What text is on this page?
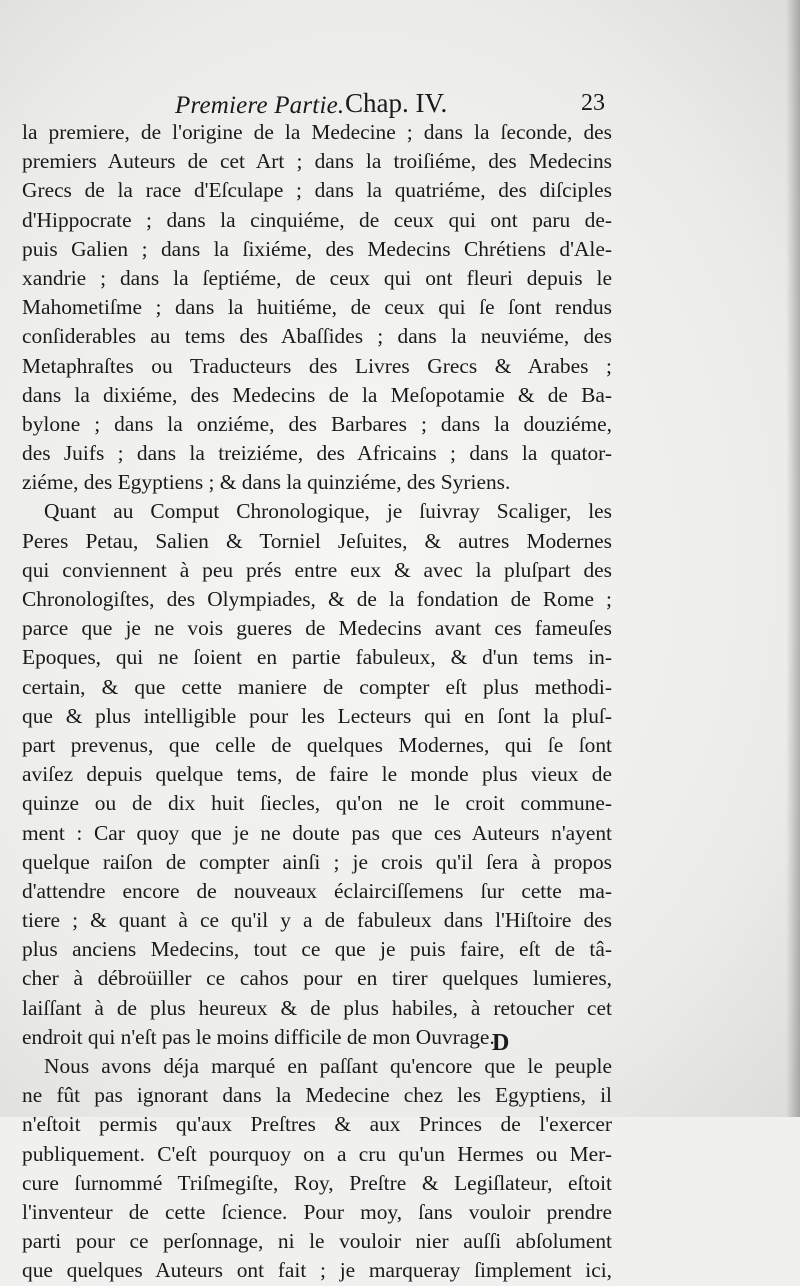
Premiere Partie. Chap. IV.	23
la premiere, de l'origine de la Medecine ; dans la ſeconde, des
premiers Auteurs de cet Art ; dans la troiſiéme, des Medecins
Grecs de la race d'Eſculape ; dans la quatriéme, des diſciples
d'Hippocrate ; dans la cinquiéme, de ceux qui ont paru de-
puis Galien ; dans la ſixiéme, des Medecins Chrétiens d'Ale-
xandrie ; dans la ſeptiéme, de ceux qui ont fleuri depuis le
Mahometiſme ; dans la huitiéme, de ceux qui ſe ſont rendus
conſiderables au tems des Abaſſides ; dans la neuviéme, des
Metaphraſtes ou Traducteurs des Livres Grecs & Arabes ;
dans la dixiéme, des Medecins de la Meſopotamie & de Ba-
bylone ; dans la onziéme, des Barbares ; dans la douziéme,
des Juifs ; dans la treiziéme, des Africains ; dans la quator-
ziéme, des Egyptiens ; & dans la quinziéme, des Syriens.
Quant au Comput Chronologique, je ſuivray Scaliger, les
Peres Petau, Salien & Torniel Jeſuites, & autres Modernes
qui conviennent à peu prés entre eux & avec la pluſpart des
Chronologiſtes, des Olympiades, & de la fondation de Rome ;
parce que je ne vois gueres de Medecins avant ces fameuſes
Epoques, qui ne ſoient en partie fabuleux, & d'un tems in-
certain, & que cette maniere de compter eſt plus methodi-
que & plus intelligible pour les Lecteurs qui en ſont la pluſ-
part prevenus, que celle de quelques Modernes, qui ſe ſont
aviſez depuis quelque tems, de faire le monde plus vieux de
quinze ou de dix huit ſiecles, qu'on ne le croit commune-
ment : Car quoy que je ne doute pas que ces Auteurs n'ayent
quelque raiſon de compter ainſi ; je crois qu'il ſera à propos
d'attendre encore de nouveaux éclairciſſemens ſur cette ma-
tiere ; & quant à ce qu'il y a de fabuleux dans l'Hiſtoire des
plus anciens Medecins, tout ce que je puis faire, eſt de tâ-
cher à débroüiller ce cahos pour en tirer quelques lumieres,
laiſſant à de plus heureux & de plus habiles, à retoucher cet
endroit qui n'eſt pas le moins difficile de mon Ouvrage.
Nous avons déja marqué en paſſant qu'encore que le peuple
ne fût pas ignorant dans la Medecine chez les Egyptiens, il
n'eſtoit permis qu'aux Preſtres & aux Princes de l'exercer
publiquement. C'eſt pourquoy on a cru qu'un Hermes ou Mer-
cure ſurnommé Triſmegiſte, Roy, Preſtre & Legiſlateur, eſtoit
l'inventeur de cette ſcience. Pour moy, ſans vouloir prendre
parti pour ce perſonnage, ni le vouloir nier auſſi abſolument
que quelques Auteurs ont fait ; je marqueray ſimplement ici,
D
